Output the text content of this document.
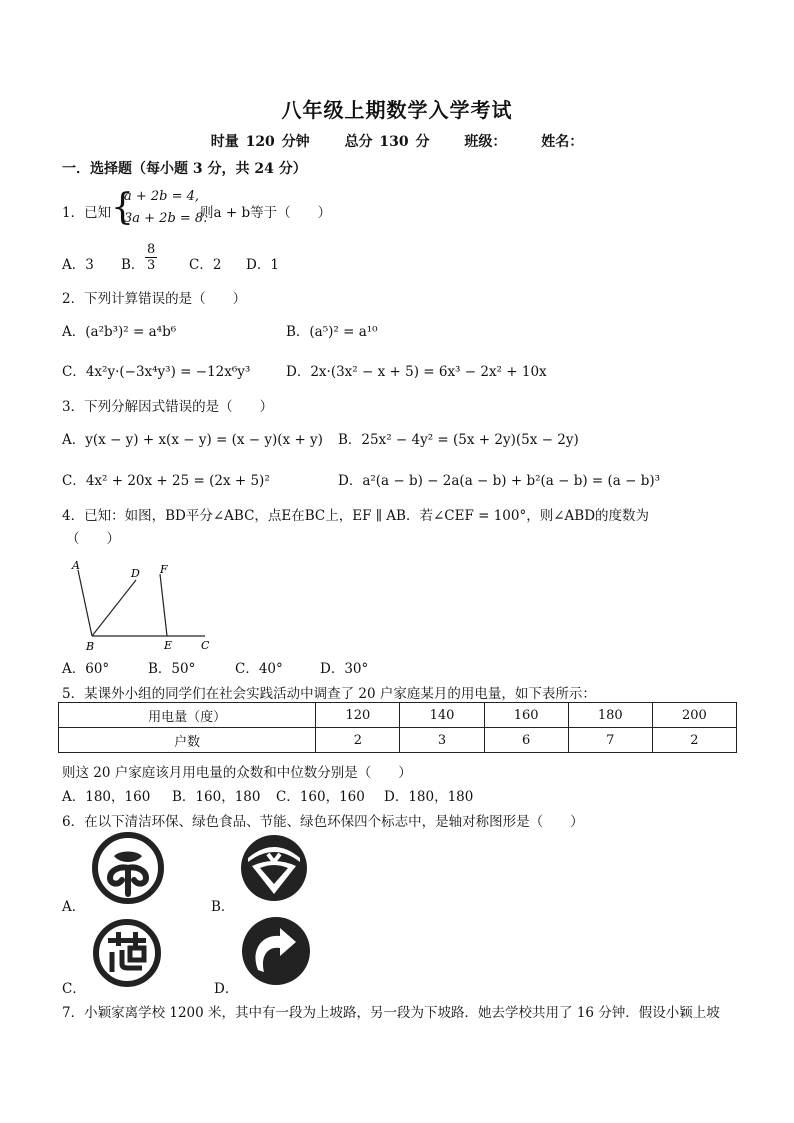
八年级上期数学入学考试
时量 120 分钟 总分 130 分 班级： 姓名：
一．选择题（每小题 3 分，共 24 分）
1．已知 {
a + 2b = 4,
3a + 2b = 8.
则a + b等于（　　）
A．3 B． $\frac{8}{3}$ C．2 D．1
2．下列计算错误的是（　　）
A．(a²b³)² = a⁴b⁶	B．(a⁵)² = a¹⁰
C．4x²y·(−3x⁴y³) = −12x⁶y³	D．2x·(3x² − x + 5) = 6x³ − 2x² + 10x
3．下列分解因式错误的是（　　）
A．y(x − y) + x(x − y) = (x − y)(x + y) B．25x² − 4y² = (5x + 2y)(5x − 2y)
C．4x² + 20x + 25 = (2x + 5)²	D．a²(a − b) − 2a(a − b) + b²(a − b) = (a − b)³
4．已知：如图，BD平分∠ABC，点E在BC上，EF ∥ AB．若∠CEF = 100°，则∠ABD的度数为
（　　）
A
B	C
D
E
F
A．60°	B．50°	C．40°	D．30°
5．某课外小组的同学们在社会实践活动中调查了 20 户家庭某月的用电量，如下表所示：
用电量（度）	120	140	160	180	200
户数	2	3	6	7	2
则这 20 户家庭该月用电量的众数和中位数分别是（　　）
A．180，160 B．160，180 C．160，160 D．180，180
6．在以下清洁环保、绿色食品、节能、绿色环保四个标志中，是轴对称图形是（　　）
A．	B．
C．	D．
7．小颖家离学校 1200 米，其中有一段为上坡路，另一段为下坡路．她去学校共用了 16 分钟．假设小颖上坡
